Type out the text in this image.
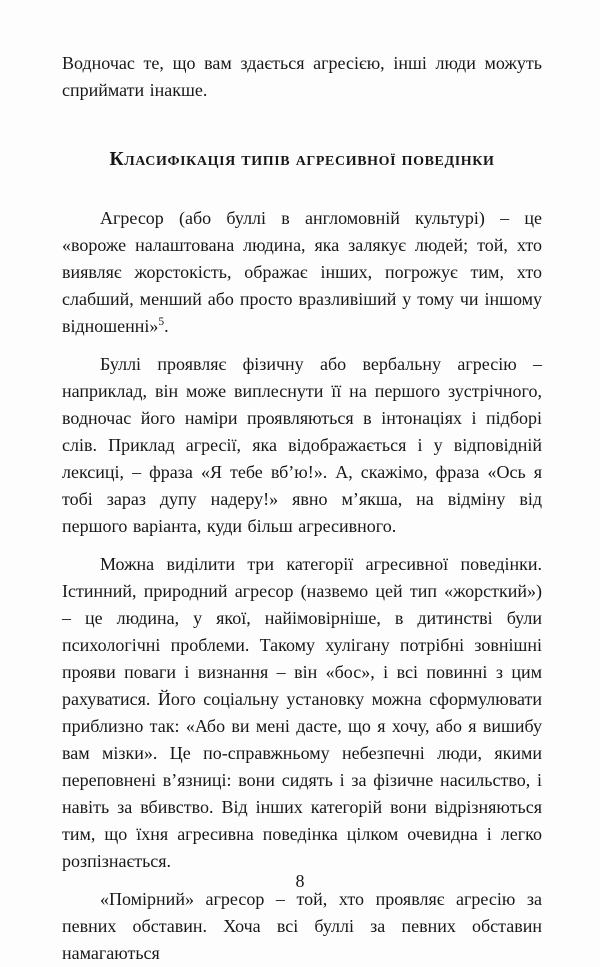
Водночас те, що вам здається агресією, інші люди можуть сприймати інакше.

Класифікація типів агресивної поведінки

Агресор (або буллі в англомовній культурі) – це «вороже налаштована людина, яка залякує людей; той, хто виявляє жорстокість, ображає інших, погрожує тим, хто слабший, менший або просто вразливіший у тому чи іншому відношенні»$^5$.

Буллі проявляє фізичну або вербальну агресію – наприклад, він може виплеснути її на першого зустрічного, водночас його наміри проявляються в інтонаціях і підборі слів. Приклад агресії, яка відображається і у відповідній лексиці, – фраза «Я тебе вб’ю!». А, скажімо, фраза «Ось я тобі зараз дупу надеру!» явно м’якша, на відміну від першого варіанта, куди більш агресивного.

Можна виділити три категорії агресивної поведінки. Істинний, природний агресор (назвемо цей тип «жорсткий») – це людина, у якої, найімовірніше, в дитинстві були психологічні проблеми. Такому хулігану потрібні зовнішні прояви поваги і визнання – він «бос», і всі повинні з цим рахуватися. Його соціальну установку можна сформулювати приблизно так: «Або ви мені дасте, що я хочу, або я вишибу вам мізки». Це по-справжньому небезпечні люди, якими переповнені в’язниці: вони сидять і за фізичне насильство, і навіть за вбивство. Від інших категорій вони відрізняються тим, що їхня агресивна поведінка цілком очевидна і легко розпізнається.

«Помірний» агресор – той, хто проявляє агресію за певних обставин. Хоча всі буллі за певних обставин намагаються

8
